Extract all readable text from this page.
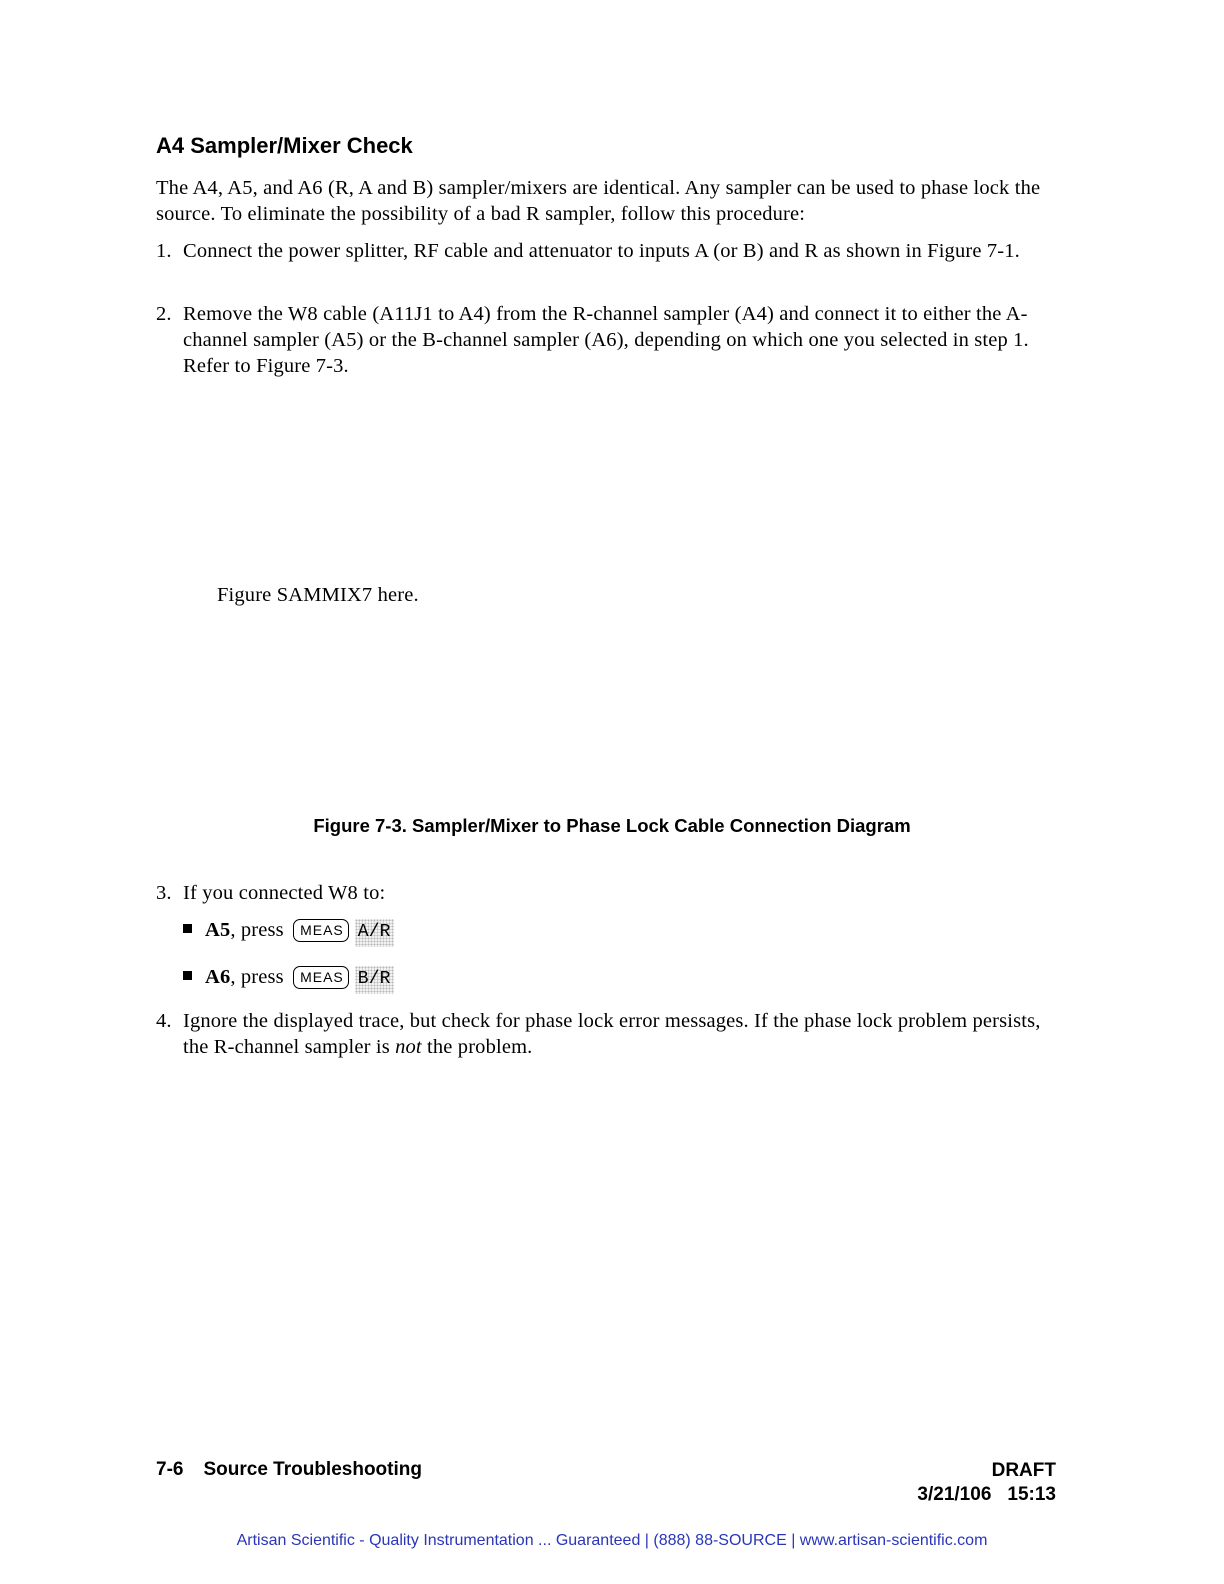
A4 Sampler/Mixer Check
The A4, A5, and A6 (R, A and B) sampler/mixers are identical. Any sampler can be used to phase lock the source. To eliminate the possibility of a bad R sampler, follow this procedure:
1. Connect the power splitter, RF cable and attenuator to inputs A (or B) and R as shown in Figure 7-1.
2. Remove the W8 cable (A11J1 to A4) from the R-channel sampler (A4) and connect it to either the A-channel sampler (A5) or the B-channel sampler (A6), depending on which one you selected in step 1. Refer to Figure 7-3.
Figure SAMMIX7 here.
Figure 7-3. Sampler/Mixer to Phase Lock Cable Connection Diagram
3. If you connected W8 to:
A5, press MEAS A/R
A6, press MEAS B/R
4. Ignore the displayed trace, but check for phase lock error messages. If the phase lock problem persists, the R-channel sampler is not the problem.
7-6 Source Troubleshooting	DRAFT
3/21/106 15:13
Artisan Scientific - Quality Instrumentation ... Guaranteed | (888) 88-SOURCE | www.artisan-scientific.com
